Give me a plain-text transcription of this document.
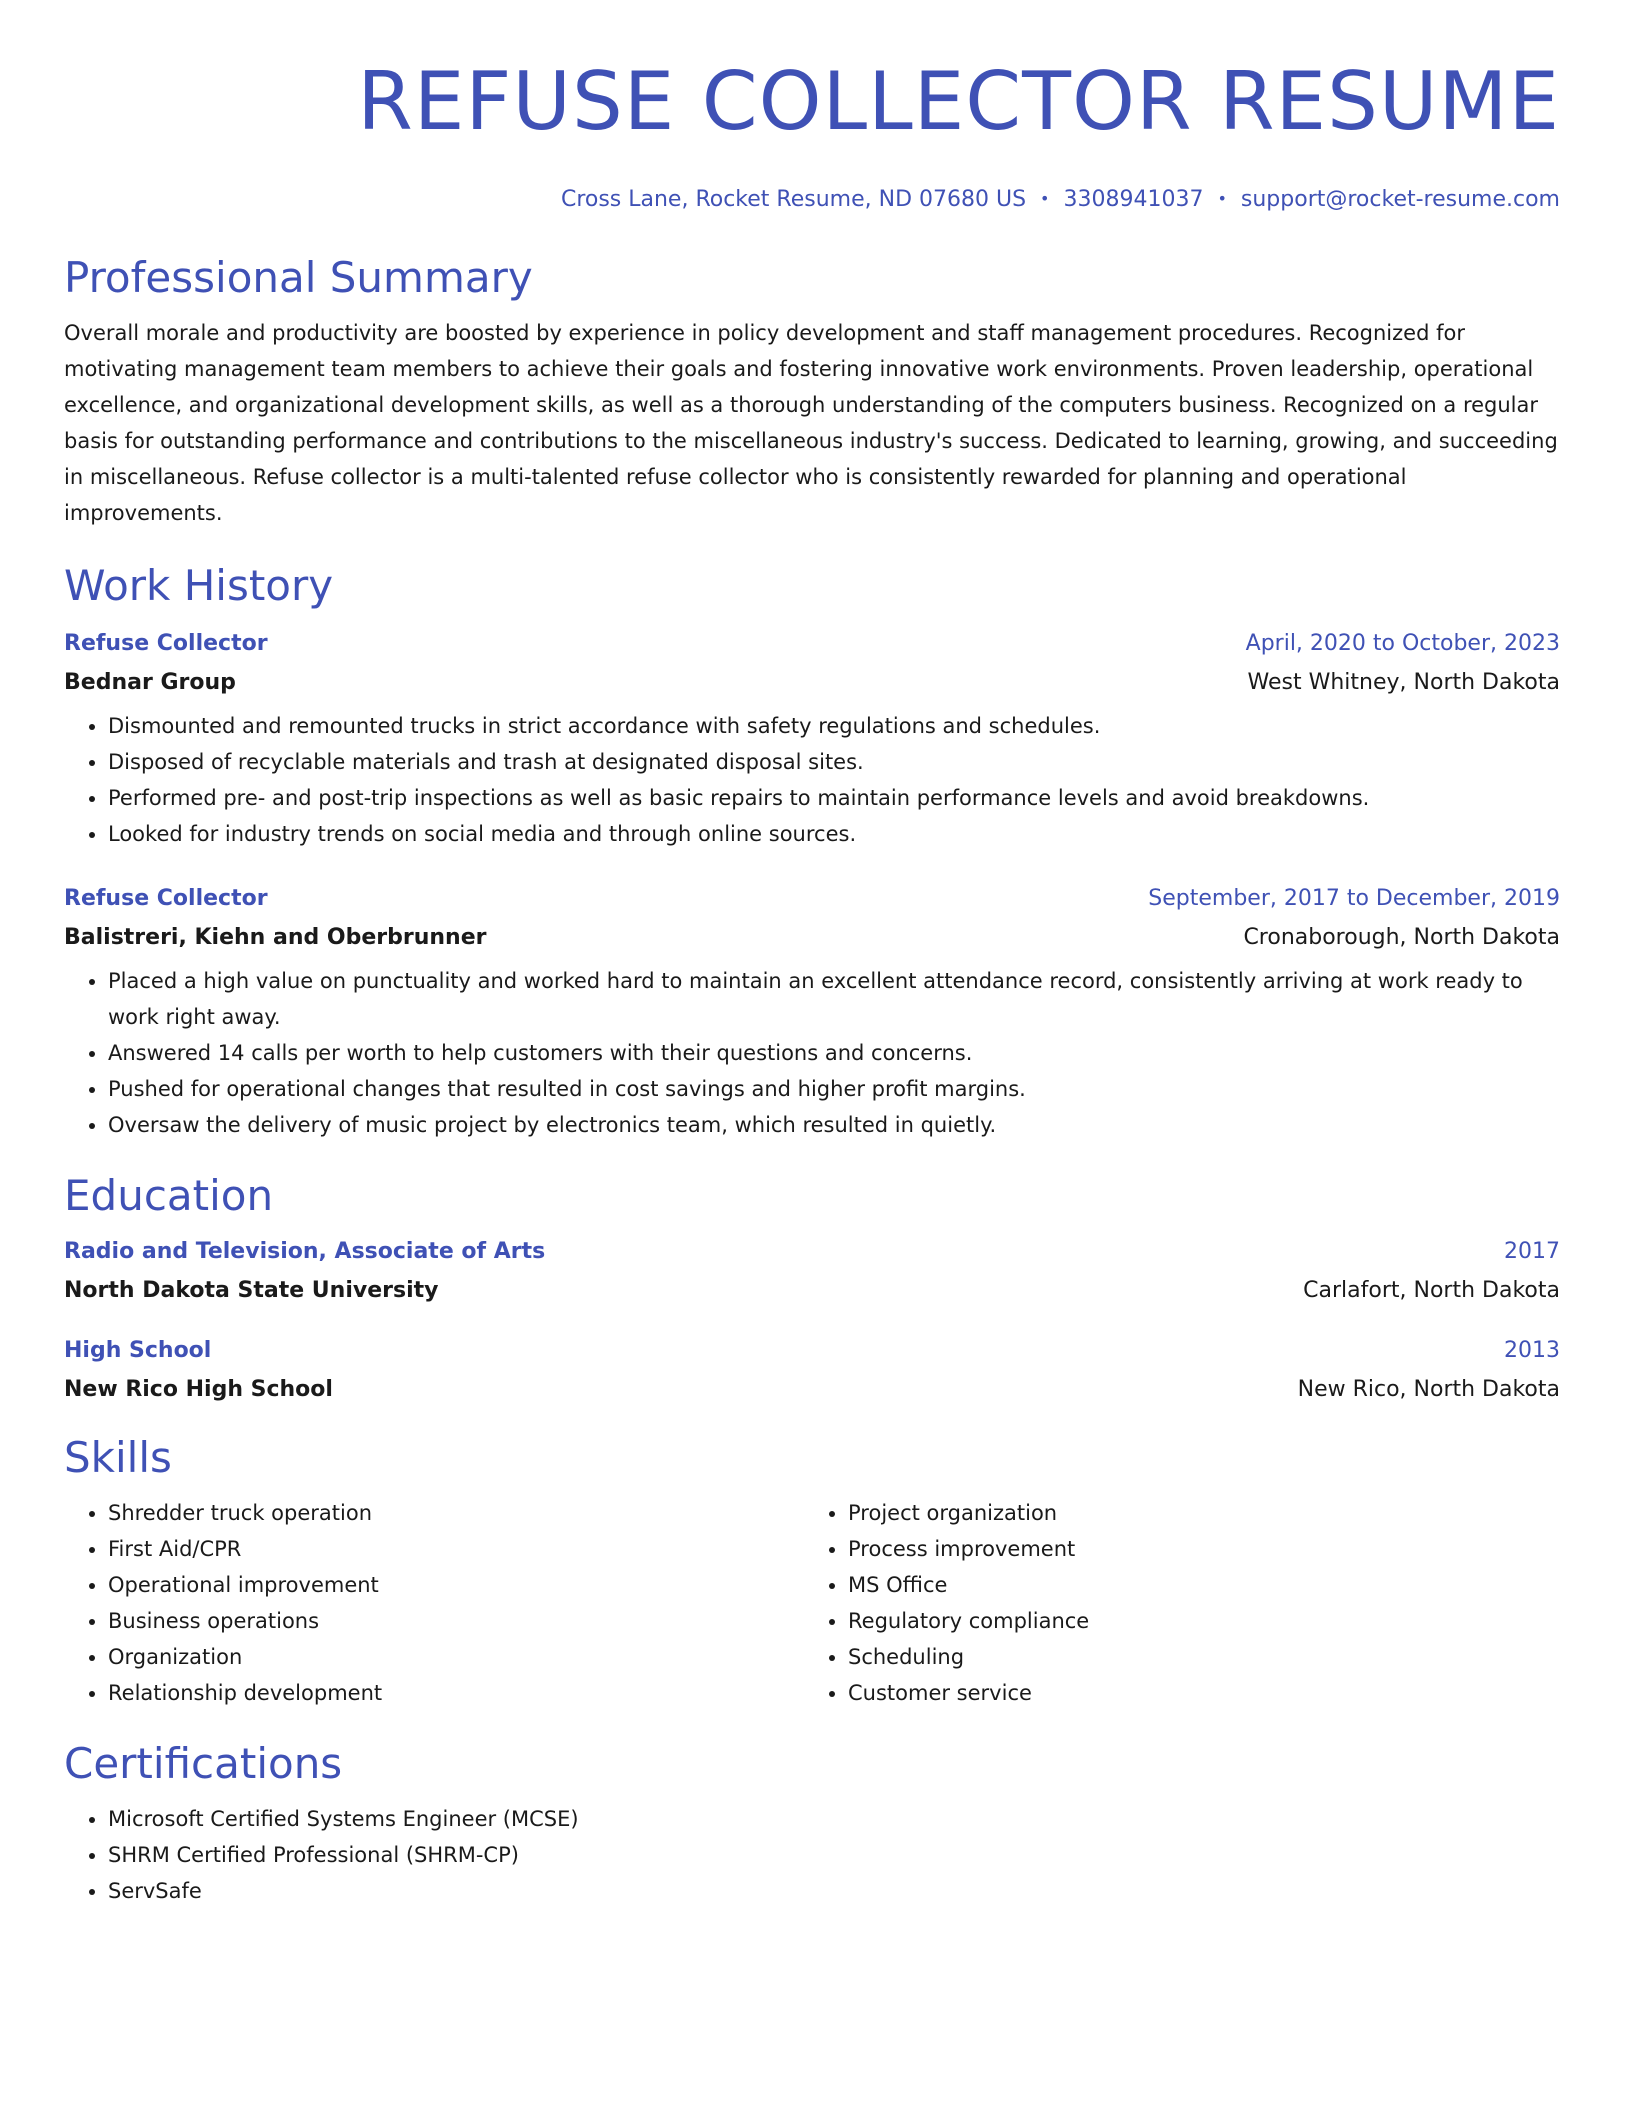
REFUSE COLLECTOR RESUME
Cross Lane, Rocket Resume, ND 07680 US • 3308941037 • support@rocket-resume.com
Professional Summary
Overall morale and productivity are boosted by experience in policy development and staff management procedures. Recognized for motivating management team members to achieve their goals and fostering innovative work environments. Proven leadership, operational excellence, and organizational development skills, as well as a thorough understanding of the computers business. Recognized on a regular basis for outstanding performance and contributions to the miscellaneous industry's success. Dedicated to learning, growing, and succeeding in miscellaneous. Refuse collector is a multi-talented refuse collector who is consistently rewarded for planning and operational improvements.
Work History
Refuse Collector	April, 2020 to October, 2023
Bednar Group	West Whitney, North Dakota
• Dismounted and remounted trucks in strict accordance with safety regulations and schedules.
• Disposed of recyclable materials and trash at designated disposal sites.
• Performed pre- and post-trip inspections as well as basic repairs to maintain performance levels and avoid breakdowns.
• Looked for industry trends on social media and through online sources.
Refuse Collector	September, 2017 to December, 2019
Balistreri, Kiehn and Oberbrunner	Cronaborough, North Dakota
• Placed a high value on punctuality and worked hard to maintain an excellent attendance record, consistently arriving at work ready to work right away.
• Answered 14 calls per worth to help customers with their questions and concerns.
• Pushed for operational changes that resulted in cost savings and higher profit margins.
• Oversaw the delivery of music project by electronics team, which resulted in quietly.
Education
Radio and Television, Associate of Arts	2017
North Dakota State University	Carlafort, North Dakota
High School	2013
New Rico High School	New Rico, North Dakota
Skills
• Shredder truck operation
• First Aid/CPR
• Operational improvement
• Business operations
• Organization
• Relationship development
• Project organization
• Process improvement
• MS Office
• Regulatory compliance
• Scheduling
• Customer service
Certifications
• Microsoft Certified Systems Engineer (MCSE)
• SHRM Certified Professional (SHRM-CP)
• ServSafe
